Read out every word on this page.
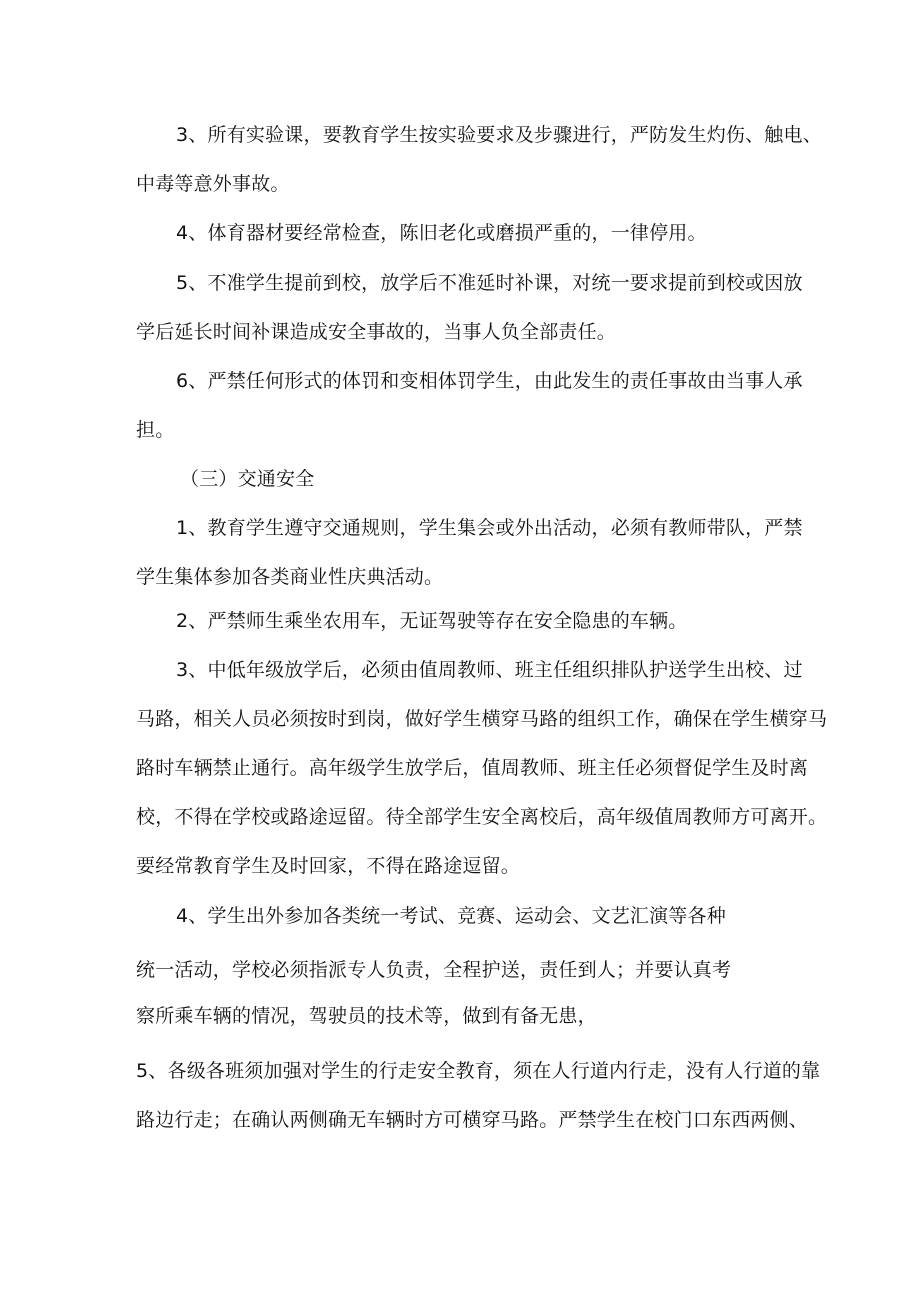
3、所有实验课，要教育学生按实验要求及步骤进行，严防发生灼伤、触电、
中毒等意外事故。
4、体育器材要经常检查，陈旧老化或磨损严重的，一律停用。
5、不准学生提前到校，放学后不准延时补课，对统一要求提前到校或因放
学后延长时间补课造成安全事故的，当事人负全部责任。
6、严禁任何形式的体罚和变相体罚学生，由此发生的责任事故由当事人承
担。
（三）交通安全
1、教育学生遵守交通规则，学生集会或外出活动，必须有教师带队，严禁
学生集体参加各类商业性庆典活动。
2、严禁师生乘坐农用车，无证驾驶等存在安全隐患的车辆。
3、中低年级放学后，必须由值周教师、班主任组织排队护送学生出校、过
马路，相关人员必须按时到岗，做好学生横穿马路的组织工作，确保在学生横穿马
路时车辆禁止通行。高年级学生放学后，值周教师、班主任必须督促学生及时离
校，不得在学校或路途逗留。待全部学生安全离校后，高年级值周教师方可离开。
要经常教育学生及时回家，不得在路途逗留。
4、学生出外参加各类统一考试、竞赛、运动会、文艺汇演等各种
统一活动，学校必须指派专人负责，全程护送，责任到人；并要认真考
察所乘车辆的情况，驾驶员的技术等，做到有备无患，
5、各级各班须加强对学生的行走安全教育，须在人行道内行走，没有人行道的靠
路边行走；在确认两侧确无车辆时方可横穿马路。严禁学生在校门口东西两侧、
